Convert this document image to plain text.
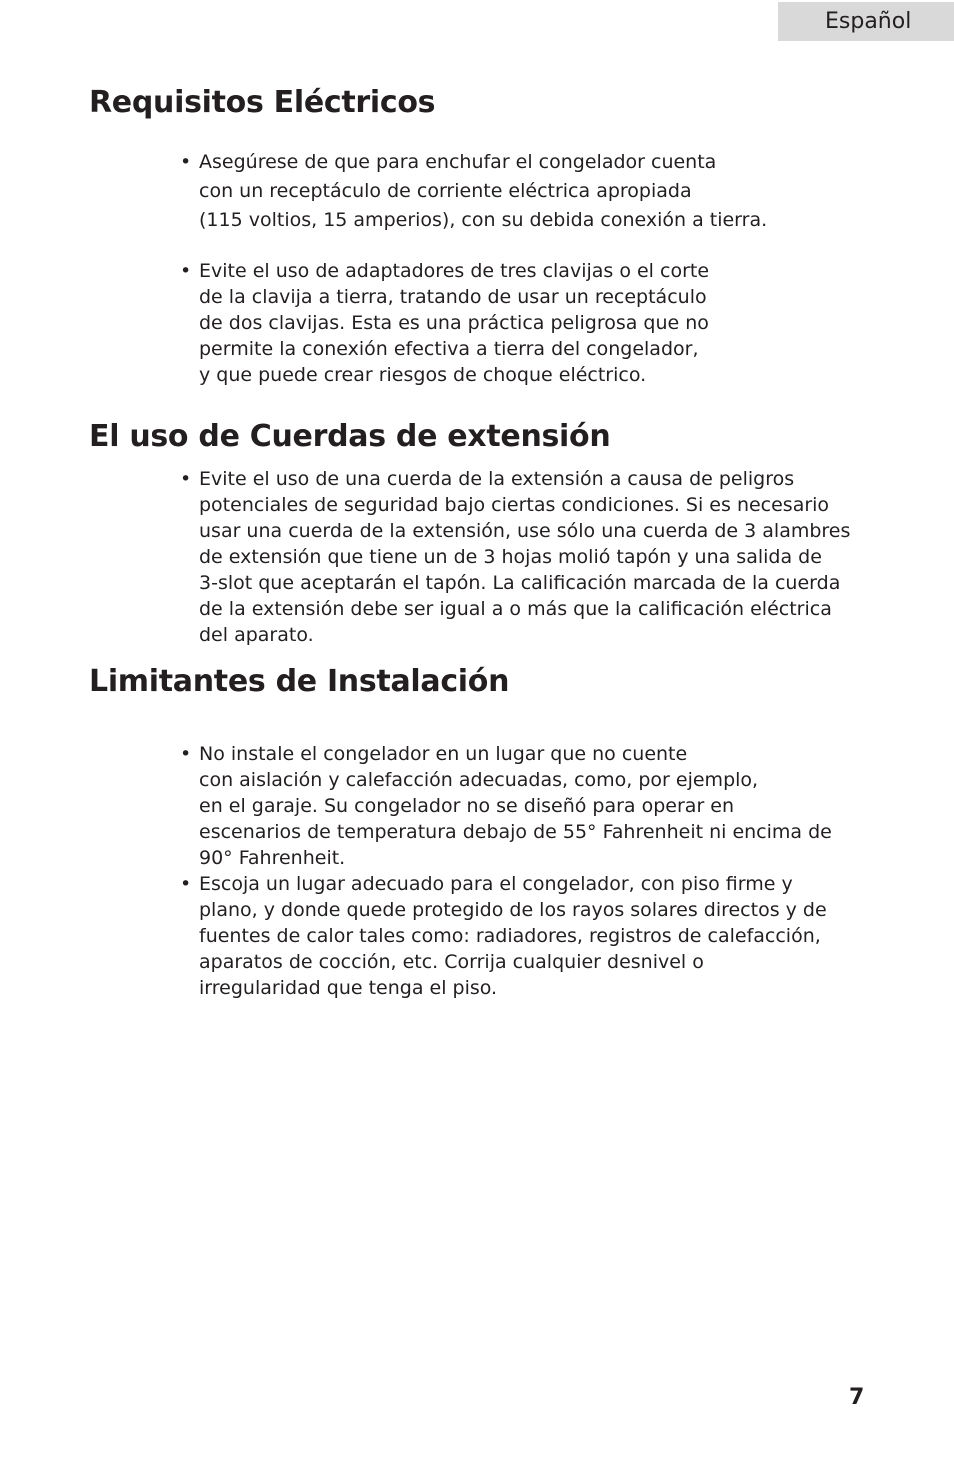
Español
Requisitos Eléctricos
• Asegúrese de que para enchufar el congelador cuenta
con un receptáculo de corriente eléctrica apropiada
(115 voltios, 15 amperios), con su debida conexión a tierra.
• Evite el uso de adaptadores de tres clavijas o el corte
de la clavija a tierra, tratando de usar un receptáculo
de dos clavijas. Esta es una práctica peligrosa que no
permite la conexión efectiva a tierra del congelador,
y que puede crear riesgos de choque eléctrico.
El uso de Cuerdas de extensión
• Evite el uso de una cuerda de la extensión a causa de peligros
potenciales de seguridad bajo ciertas condiciones. Si es necesario
usar una cuerda de la extensión, use sólo una cuerda de 3 alambres
de extensión que tiene un de 3 hojas molió tapón y una salida de
3-slot que aceptarán el tapón. La calificación marcada de la cuerda
de la extensión debe ser igual a o más que la calificación eléctrica
del aparato.
Limitantes de Instalación
• No instale el congelador en un lugar que no cuente
con aislación y calefacción adecuadas, como, por ejemplo,
en el garaje. Su congelador no se diseñó para operar en
escenarios de temperatura debajo de 55° Fahrenheit ni encima de
90° Fahrenheit.
• Escoja un lugar adecuado para el congelador, con piso firme y
plano, y donde quede protegido de los rayos solares directos y de
fuentes de calor tales como: radiadores, registros de calefacción,
aparatos de cocción, etc. Corrija cualquier desnivel o
irregularidad que tenga el piso.
7
